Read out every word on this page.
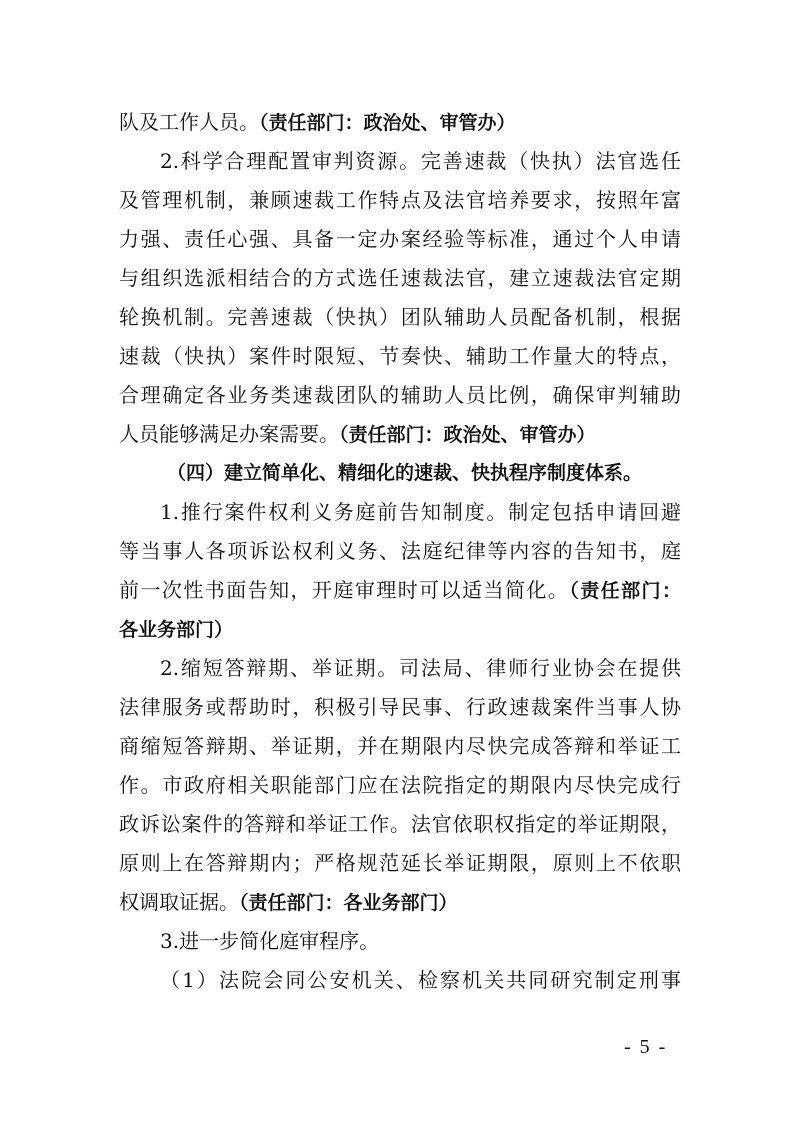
队及工作人员。（责任部门：政治处、审管办）
2.科学合理配置审判资源。完善速裁（快执）法官选任
及管理机制，兼顾速裁工作特点及法官培养要求，按照年富
力强、责任心强、具备一定办案经验等标准，通过个人申请
与组织选派相结合的方式选任速裁法官，建立速裁法官定期
轮换机制。完善速裁（快执）团队辅助人员配备机制，根据
速裁（快执）案件时限短、节奏快、辅助工作量大的特点，
合理确定各业务类速裁团队的辅助人员比例，确保审判辅助
人员能够满足办案需要。（责任部门：政治处、审管办）
（四）建立简单化、精细化的速裁、快执程序制度体系。
1.推行案件权利义务庭前告知制度。制定包括申请回避
等当事人各项诉讼权利义务、法庭纪律等内容的告知书，庭
前一次性书面告知，开庭审理时可以适当简化。（责任部门：
各业务部门）
2.缩短答辩期、举证期。司法局、律师行业协会在提供
法律服务或帮助时，积极引导民事、行政速裁案件当事人协
商缩短答辩期、举证期，并在期限内尽快完成答辩和举证工
作。市政府相关职能部门应在法院指定的期限内尽快完成行
政诉讼案件的答辩和举证工作。法官依职权指定的举证期限，
原则上在答辩期内；严格规范延长举证期限，原则上不依职
权调取证据。（责任部门：各业务部门）
3.进一步简化庭审程序。
（1）法院会同公安机关、检察机关共同研究制定刑事
- 5 -
